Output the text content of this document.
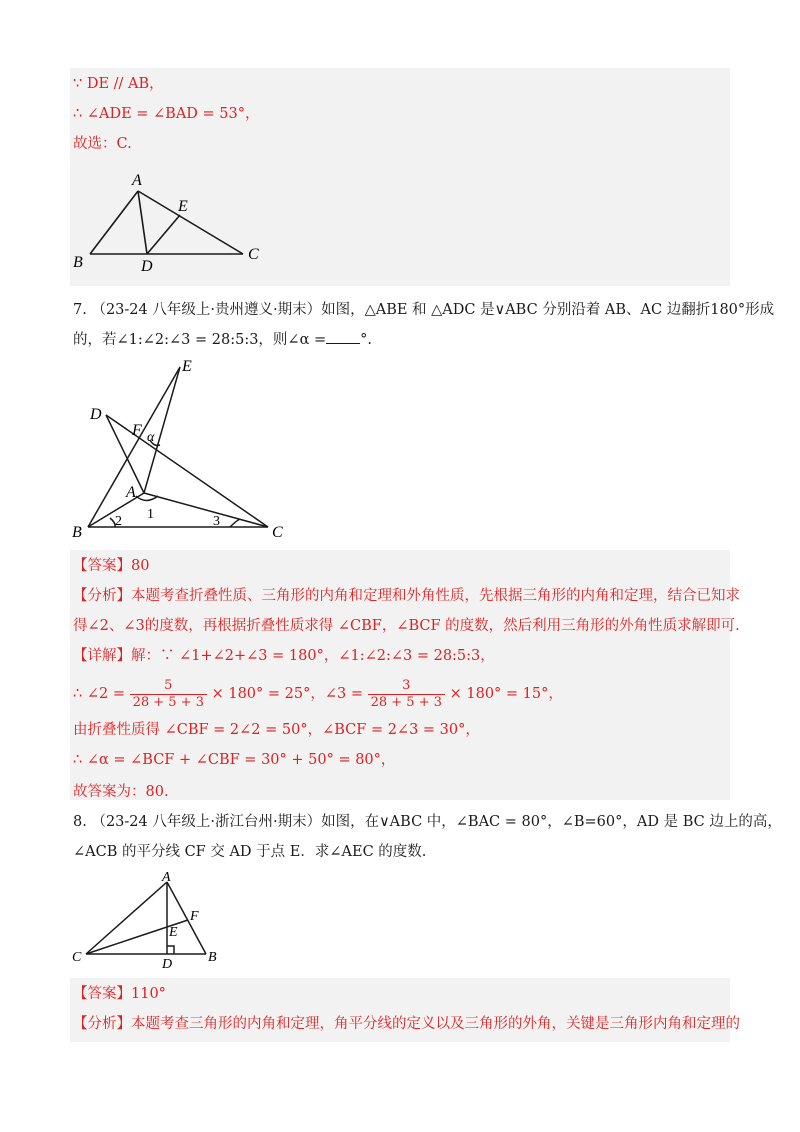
∵ DE // AB，
∴ ∠ADE = ∠BAD = 53°，
故选：C.
A
E
B	D
C
7. （23-24 八年级上·贵州遵义·期末）如图，△ABE 和 △ADC 是∨ABC 分别沿着 AB、AC 边翻折180°形成
的，若∠1:∠2:∠3 = 28:5:3，则∠α = °.
E
D
F α
A
1
2	3
B	C
【答案】80
【分析】本题考查折叠性质、三角形的内角和定理和外角性质，先根据三角形的内角和定理，结合已知求
得∠2、∠3的度数，再根据折叠性质求得 ∠CBF，∠BCF 的度数，然后利用三角形的外角性质求解即可.
【详解】解：∵ ∠1+∠2+∠3 = 180°，∠1:∠2:∠3 = 28:5:3，
∴ ∠2 = $\frac{5}{28 + 5 + 3} \times 180^\circ = 25^\circ$，∠3 = $\frac{3}{28 + 5 + 3} \times 180^\circ = 15^\circ$，
由折叠性质得 ∠CBF = 2∠2 = 50°，∠BCF = 2∠3 = 30°，
∴ ∠α = ∠BCF + ∠CBF = 30° + 50° = 80°，
故答案为：80.
8. （23-24 八年级上·浙江台州·期末）如图，在∨ABC 中，∠BAC = 80°，∠B=60°，AD 是 BC 边上的高，
∠ACB 的平分线 CF 交 AD 于点 E．求∠AEC 的度数.
A
F
E
C	D	B
【答案】110°
【分析】本题考查三角形的内角和定理，角平分线的定义以及三角形的外角，关键是三角形内角和定理的
